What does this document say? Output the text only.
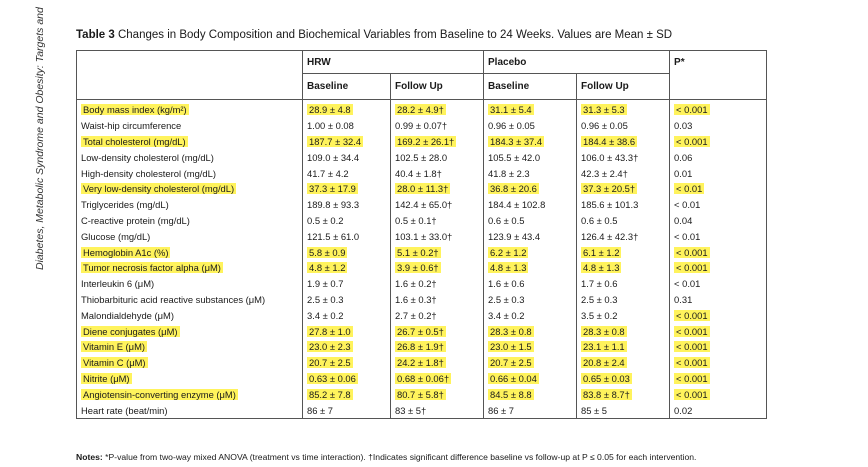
Diabetes, Metabolic Syndrome and Obesity: Targets and	Table 3 Changes in Body Composition and Biochemical Variables from Baseline to 24 Weeks. Values are Mean ± SD
	HRW		Placebo		P*
	Baseline	Follow Up	Baseline	Follow Up	
Body mass index (kg/m²)	28.9 ± 4.8	28.2 ± 4.9†	31.1 ± 5.4	31.3 ± 5.3	< 0.001
Waist-hip circumference	1.00 ± 0.08	0.99 ± 0.07†	0.96 ± 0.05	0.96 ± 0.05	0.03
Total cholesterol (mg/dL)	187.7 ± 32.4	169.2 ± 26.1†	184.3 ± 37.4	184.4 ± 38.6	< 0.001
Low-density cholesterol (mg/dL)	109.0 ± 34.4	102.5 ± 28.0	105.5 ± 42.0	106.0 ± 43.3†	0.06
High-density cholesterol (mg/dL)	41.7 ± 4.2	40.4 ± 1.8†	41.8 ± 2.3	42.3 ± 2.4†	0.01
Very low-density cholesterol (mg/dL)	37.3 ± 17.9	28.0 ± 11.3†	36.8 ± 20.6	37.3 ± 20.5†	< 0.01
Triglycerides (mg/dL)	189.8 ± 93.3	142.4 ± 65.0†	184.4 ± 102.8	185.6 ± 101.3	< 0.01
C-reactive protein (mg/dL)	0.5 ± 0.2	0.5 ± 0.1†	0.6 ± 0.5	0.6 ± 0.5	0.04
Glucose (mg/dL)	121.5 ± 61.0	103.1 ± 33.0†	123.9 ± 43.4	126.4 ± 42.3†	< 0.01
Hemoglobin A1c (%)	5.8 ± 0.9	5.1 ± 0.2†	6.2 ± 1.2	6.1 ± 1.2	< 0.001
Tumor necrosis factor alpha (μM)	4.8 ± 1.2	3.9 ± 0.6†	4.8 ± 1.3	4.8 ± 1.3	< 0.001
Interleukin 6 (μM)	1.9 ± 0.7	1.6 ± 0.2†	1.6 ± 0.6	1.7 ± 0.6	< 0.01
Thiobarbituric acid reactive substances (μM)	2.5 ± 0.3	1.6 ± 0.3†	2.5 ± 0.3	2.5 ± 0.3	0.31
Malondialdehyde (μM)	3.4 ± 0.2	2.7 ± 0.2†	3.4 ± 0.2	3.5 ± 0.2	< 0.001
Diene conjugates (μM)	27.8 ± 1.0	26.7 ± 0.5†	28.3 ± 0.8	28.3 ± 0.8	< 0.001
Vitamin E (μM)	23.0 ± 2.3	26.8 ± 1.9†	23.0 ± 1.5	23.1 ± 1.1	< 0.001
Vitamin C (μM)	20.7 ± 2.5	24.2 ± 1.8†	20.7 ± 2.5	20.8 ± 2.4	< 0.001
Nitrite (μM)	0.63 ± 0.06	0.68 ± 0.06†	0.66 ± 0.04	0.65 ± 0.03	< 0.001
Angiotensin-converting enzyme (μM)	85.2 ± 7.8	80.7 ± 5.8†	84.5 ± 8.8	83.8 ± 8.7†	< 0.001
Heart rate (beat/min)	86 ± 7	83 ± 5†	86 ± 7	85 ± 5	0.02
Notes: *P-value from two-way mixed ANOVA (treatment vs time interaction). †Indicates significant difference baseline vs follow-up at P ≤ 0.05 for each intervention.
